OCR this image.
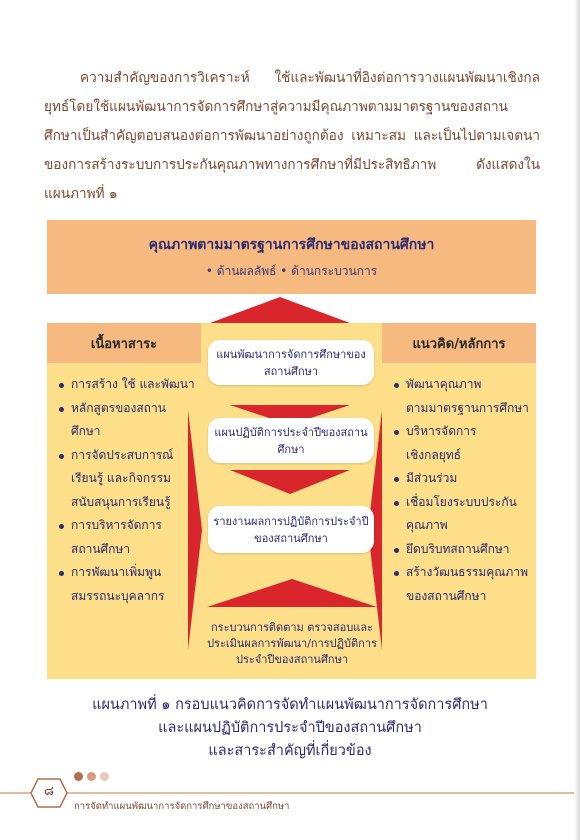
ความสำคัญของการวิเคราะห์ ใช้และพัฒนาที่อิงต่อการวางแผนพัฒนาเชิงกลยุทธ์โดยใช้แผนพัฒนาการจัดการศึกษาสู่ความมีคุณภาพตามมาตรฐานของสถานศึกษาเป็นสำคัญตอบสนองต่อการพัฒนาอย่างถูกต้อง เหมาะสม และเป็นไปตามเจตนาของการสร้างระบบการประกันคุณภาพทางการศึกษาที่มีประสิทธิภาพ ดังแสดงในแผนภาพที่ ๑

คุณภาพตามมาตรฐานการศึกษาของสถานศึกษา
• ด้านผลลัพธ์ • ด้านกระบวนการ
เนื้อหาสาระ
การสร้าง ใช้ และพัฒนา
หลักสูตรของสถานศึกษา
การจัดประสบการณ์
เรียนรู้ และกิจกรรม
สนับสนุนการเรียนรู้
การบริหารจัดการ
สถานศึกษา
การพัฒนาเพิ่มพูน
สมรรถนะบุคลากร
แนวคิด/หลักการ
พัฒนาคุณภาพ
ตามมาตรฐานการศึกษา
บริหารจัดการ
เชิงกลยุทธ์
มีส่วนร่วม
เชื่อมโยงระบบประกัน
คุณภาพ
ยึดบริบทสถานศึกษา
สร้างวัฒนธรรมคุณภาพ
ของสถานศึกษา
แผนพัฒนาการจัดการศึกษาของสถานศึกษา
แผนปฏิบัติการประจำปีของสถานศึกษา
รายงานผลการปฏิบัติการประจำปีของสถานศึกษา
กระบวนการติดตาม ตรวจสอบและประเมินผลการพัฒนา/การปฏิบัติการประจำปีของสถานศึกษา
แผนภาพที่ ๑ กรอบแนวคิดการจัดทำแผนพัฒนาการจัดการศึกษา
และแผนปฏิบัติการประจำปีของสถานศึกษา
และสาระสำคัญที่เกี่ยวข้อง
๘
การจัดทำแผนพัฒนาการจัดการศึกษาของสถานศึกษา
